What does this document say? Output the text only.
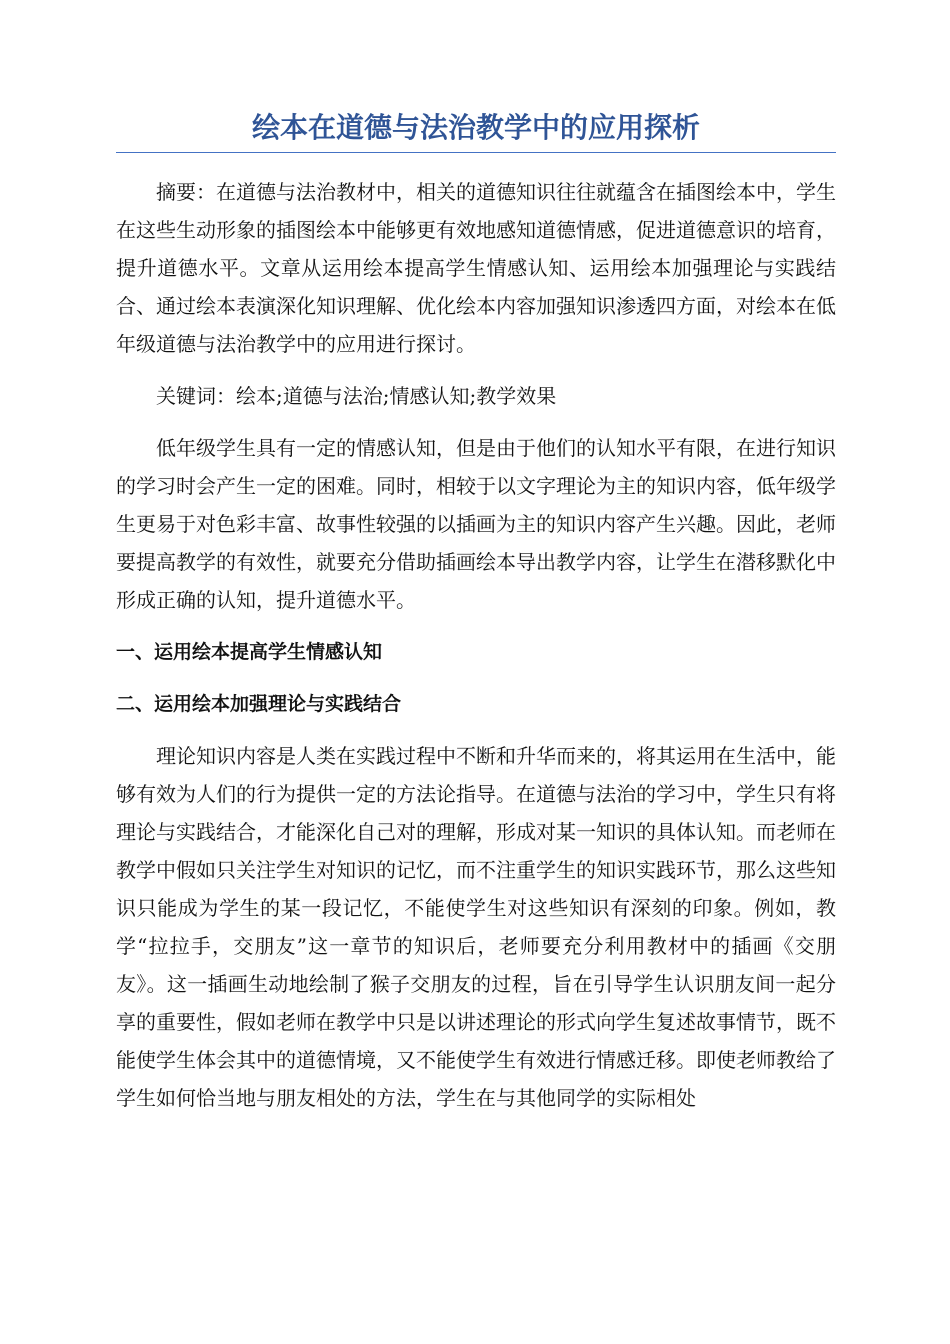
绘本在道德与法治教学中的应用探析

摘要：在道德与法治教材中，相关的道德知识往往就蕴含在插图绘本中，学生在这些生动形象的插图绘本中能够更有效地感知道德情感，促进道德意识的培育，提升道德水平。文章从运用绘本提高学生情感认知、运用绘本加强理论与实践结合、通过绘本表演深化知识理解、优化绘本内容加强知识渗透四方面，对绘本在低年级道德与法治教学中的应用进行探讨。

关键词：绘本;道德与法治;情感认知;教学效果

低年级学生具有一定的情感认知，但是由于他们的认知水平有限，在进行知识的学习时会产生一定的困难。同时，相较于以文字理论为主的知识内容，低年级学生更易于对色彩丰富、故事性较强的以插画为主的知识内容产生兴趣。因此，老师要提高教学的有效性，就要充分借助插画绘本导出教学内容，让学生在潜移默化中形成正确的认知，提升道德水平。

一、运用绘本提高学生情感认知
二、运用绘本加强理论与实践结合

理论知识内容是人类在实践过程中不断和升华而来的，将其运用在生活中，能够有效为人们的行为提供一定的方法论指导。在道德与法治的学习中，学生只有将理论与实践结合，才能深化自己对的理解，形成对某一知识的具体认知。而老师在教学中假如只关注学生对知识的记忆，而不注重学生的知识实践环节，那么这些知识只能成为学生的某一段记忆，不能使学生对这些知识有深刻的印象。例如，教学“拉拉手，交朋友”这一章节的知识后，老师要充分利用教材中的插画《交朋友》。这一插画生动地绘制了猴子交朋友的过程，旨在引导学生认识朋友间一起分享的重要性，假如老师在教学中只是以讲述理论的形式向学生复述故事情节，既不能使学生体会其中的道德情境，又不能使学生有效进行情感迁移。即使老师教给了学生如何恰当地与朋友相处的方法，学生在与其他同学的实际相处
